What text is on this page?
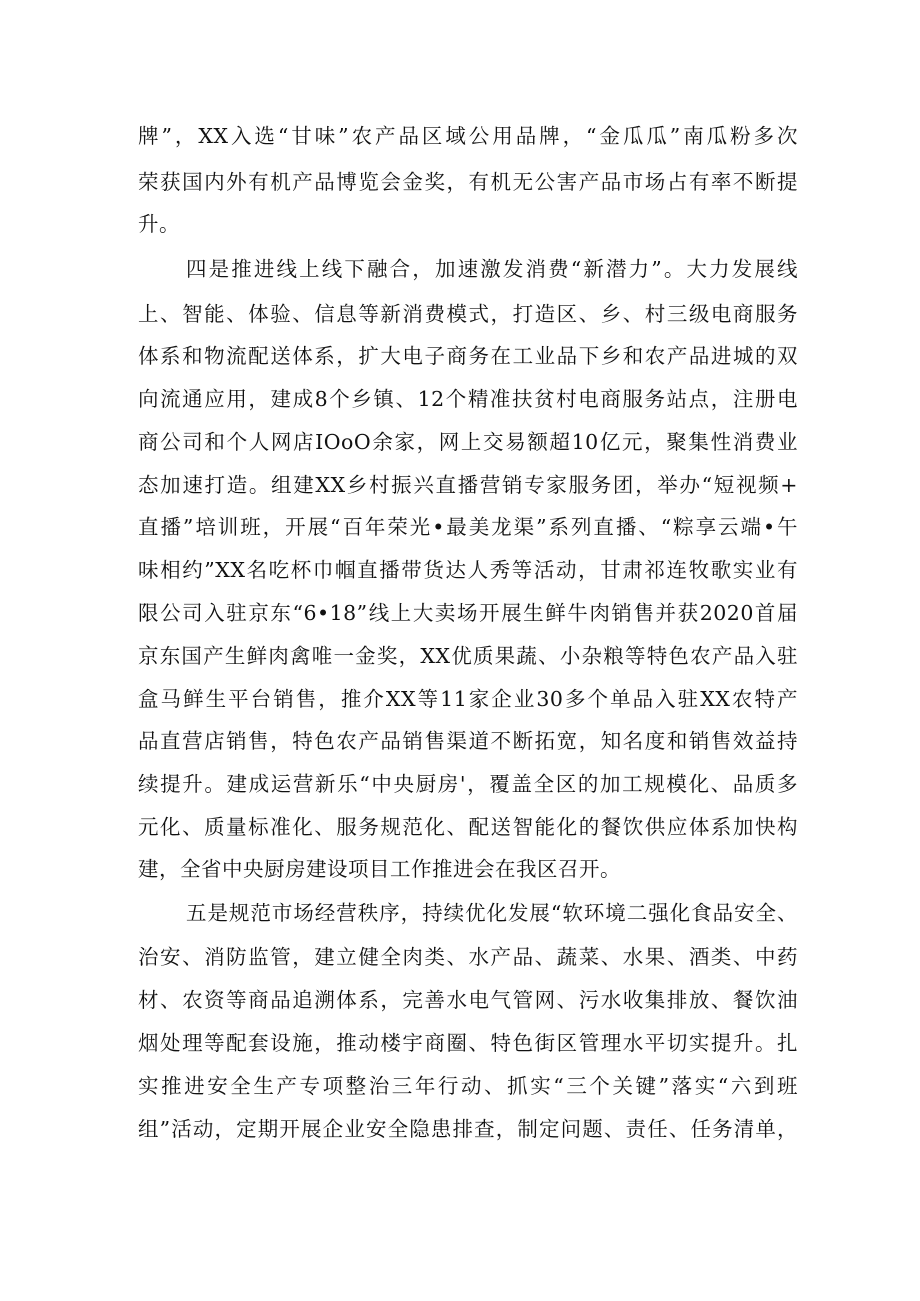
牌”，XX入选“甘味”农产品区域公用品牌，“金瓜瓜”南瓜粉多次
荣获国内外有机产品博览会金奖，有机无公害产品市场占有率不断提
升。
四是推进线上线下融合，加速激发消费“新潜力”。大力发展线
上、智能、体验、信息等新消费模式，打造区、乡、村三级电商服务
体系和物流配送体系，扩大电子商务在工业品下乡和农产品进城的双
向流通应用，建成8个乡镇、12个精准扶贫村电商服务站点，注册电
商公司和个人网店IOoO余家，网上交易额超10亿元，聚集性消费业
态加速打造。组建XX乡村振兴直播营销专家服务团，举办“短视频+
直播”培训班，开展“百年荣光•最美龙渠”系列直播、“粽享云端•午
味相约”XX名吃杯巾帼直播带货达人秀等活动，甘肃祁连牧歌实业有
限公司入驻京东“6•18”线上大卖场开展生鲜牛肉销售并获2020首届
京东国产生鲜肉禽唯一金奖，XX优质果蔬、小杂粮等特色农产品入驻
盒马鲜生平台销售，推介XX等11家企业30多个单品入驻XX农特产
品直营店销售，特色农产品销售渠道不断拓宽，知名度和销售效益持
续提升。建成运营新乐“中央厨房'，覆盖全区的加工规模化、品质多
元化、质量标准化、服务规范化、配送智能化的餐饮供应体系加快构
建，全省中央厨房建设项目工作推进会在我区召开。
五是规范市场经营秩序，持续优化发展“软环境二强化食品安全、
治安、消防监管，建立健全肉类、水产品、蔬菜、水果、酒类、中药
材、农资等商品追溯体系，完善水电气管网、污水收集排放、餐饮油
烟处理等配套设施，推动楼宇商圈、特色街区管理水平切实提升。扎
实推进安全生产专项整治三年行动、抓实“三个关键”落实“六到班
组”活动，定期开展企业安全隐患排查，制定问题、责任、任务清单，
